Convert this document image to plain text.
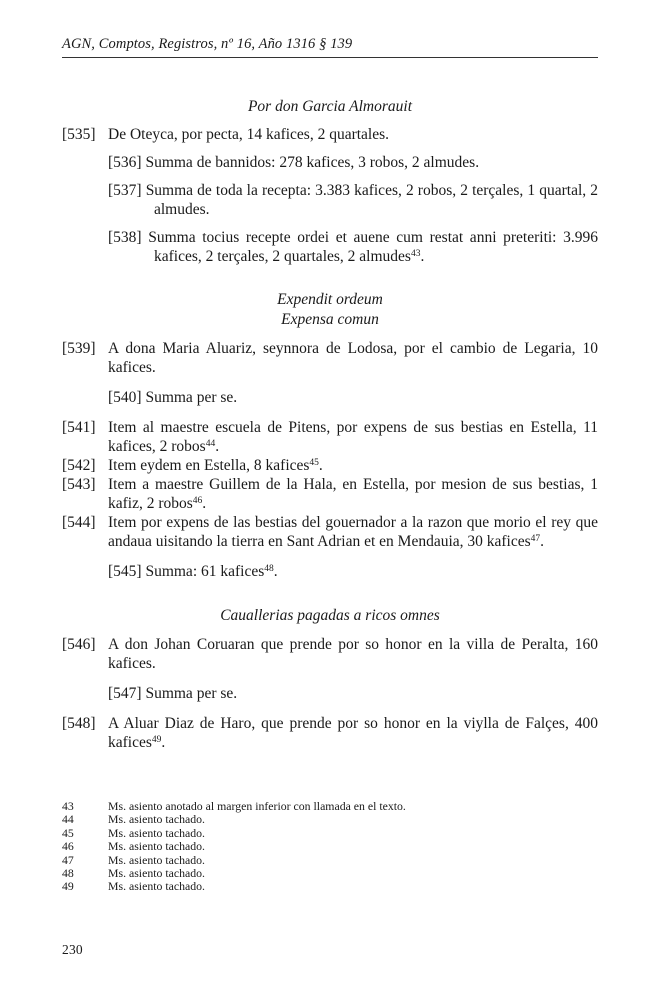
AGN, Comptos, Registros, nº 16, Año 1316 § 139
Por don Garcia Almorauit

[535] De Oteyca, por pecta, 14 kafices, 2 quartales.

[536] Summa de bannidos: 278 kafices, 3 robos, 2 almudes.

[537] Summa de toda la recepta: 3.383 kafices, 2 robos, 2 terçales, 1 quartal, 2 almudes.

[538] Summa tocius recepte ordei et auene cum restat anni preteriti: 3.996 kafices, 2 terçales, 2 quartales, 2 almudes$^{43}$.

Expendit ordeum
Expensa comun

[539] A dona Maria Aluariz, seynnora de Lodosa, por el cambio de Legaria, 10 kafices.

[540] Summa per se.

[541] Item al maestre escuela de Pitens, por expens de sus bestias en Estella, 11 kafices, 2 robos$^{44}$.

[542] Item eydem en Estella, 8 kafices$^{45}$.

[543] Item a maestre Guillem de la Hala, en Estella, por mesion de sus bestias, 1 kafiz, 2 robos$^{46}$.

[544] Item por expens de las bestias del gouernador a la razon que morio el rey que andaua uisitando la tierra en Sant Adrian et en Mendauia, 30 kafices$^{47}$.

[545] Summa: 61 kafices$^{48}$.

Cauallerias pagadas a ricos omnes

[546] A don Johan Coruaran que prende por so honor en la villa de Peralta, 160 kafices.

[547] Summa per se.

[548] A Aluar Diaz de Haro, que prende por so honor en la viylla de Falçes, 400 kafices$^{49}$.

43	Ms. asiento anotado al margen inferior con llamada en el texto.
44	Ms. asiento tachado.
45	Ms. asiento tachado.
46	Ms. asiento tachado.
47	Ms. asiento tachado.
48	Ms. asiento tachado.
49	Ms. asiento tachado.
230
